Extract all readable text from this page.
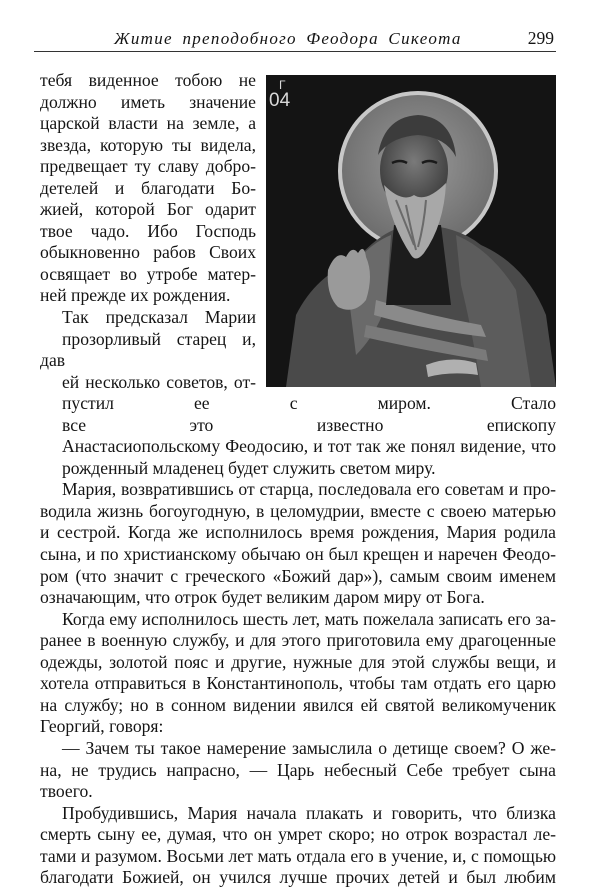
Житие преподобного Феодора Сикеота	299
Γ
04

тебя виденное тобою не
должно иметь значение
царской власти на земле, а
звезда, которую ты видела,
предвещает ту славу добро-
детелей и благодати Бо-
жией, которой Бог одарит
твое чадо. Ибо Господь
обыкновенно рабов Своих
освящает во утробе матер-
ней прежде их рождения.

Так предсказал Марии
прозорливый старец и, дав
ей несколько советов, от-
пустил ее с миром. Стало
все это известно епископу
Анастасиопольскому Феодосию, и тот так же понял видение, что
рожденный младенец будет служить светом миру.

Мария, возвратившись от старца, последовала его советам и про-
водила жизнь богоугодную, в целомудрии, вместе с своею матерью
и сестрой. Когда же исполнилось время рождения, Мария родила
сына, и по христианскому обычаю он был крещен и наречен Феодо-
ром (что значит с греческого «Божий дар»), самым своим именем
означающим, что отрок будет великим даром миру от Бога.

Когда ему исполнилось шесть лет, мать пожелала записать его за-
ранее в военную службу, и для этого приготовила ему драгоценные
одежды, золотой пояс и другие, нужные для этой службы вещи, и
хотела отправиться в Константинополь, чтобы там отдать его царю
на службу; но в сонном видении явился ей святой великомученик
Георгий, говоря:

— Зачем ты такое намерение замыслила о детище своем? О же-
на, не трудись напрасно, — Царь небесный Себе требует сына
твоего.

Пробудившись, Мария начала плакать и говорить, что близка
смерть сыну ее, думая, что он умрет скоро; но отрок возрастал ле-
тами и разумом. Восьми лет мать отдала его в учение, и, с помощью
благодати Божией, он учился лучше прочих детей и был любим
